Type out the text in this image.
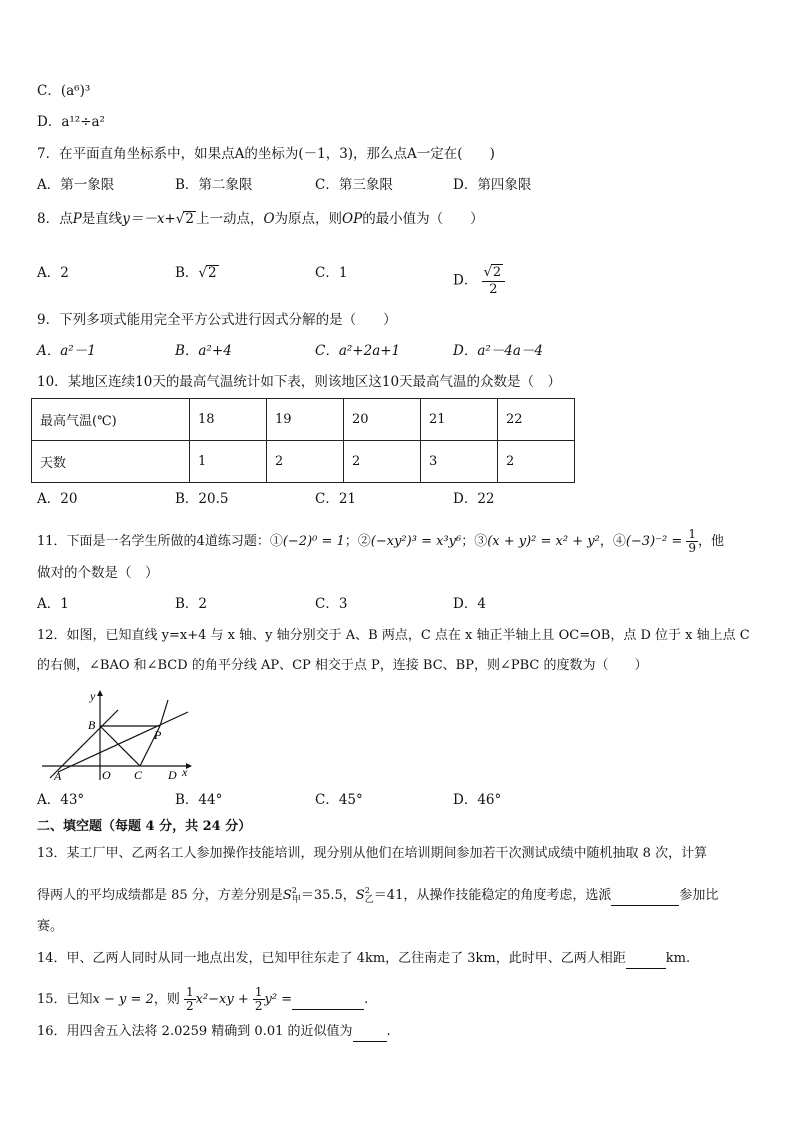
C．(a⁶)³
D．a¹²÷a²
7．在平面直角坐标系中，如果点A的坐标为(－1，3)，那么点A一定在(　　)
A．第一象限	B．第二象限	C．第三象限	D．第四象限
8．点P是直线y＝－x+√2 上一动点，O为原点，则OP的最小值为（　　）
A．2	B．√2	C．1	D． $\frac{√2}{2}$
9．下列多项式能用完全平方公式进行因式分解的是（　　）
A．a²－1	B．a²+4	C．a²+2a+1	D．a²－4a－4
10．某地区连续10天的最高气温统计如下表，则该地区这10天最高气温的众数是（　）
最高气温(℃)	18	19	20	21	22
天数	1	2	2	3	2
A．20	B．20.5	C．21	D．22
11．下面是一名学生所做的4道练习题：①(−2)⁰ = 1；②(−xy²)³ = x³y⁶；③(x + y)² = x² + y²，④(−3)⁻² = $\frac{1}{9}$ ，他
做对的个数是（　）
A．1	B．2	C．3	D．4
12．如图，已知直线 y=x+4 与 x 轴、y 轴分别交于 A、B 两点，C 点在 x 轴正半轴上且 OC=OB，点 D 位于 x 轴上点 C
的右侧，∠BAO 和∠BCD 的角平分线 AP、CP 相交于点 P，连接 BC、BP，则∠PBC 的度数为（　　）
y
x
A
B
O C D
P
A．43°	B．44°	C．45°	D．46°
二、填空题（每题 4 分，共 24 分）
13．某工厂甲、乙两名工人参加操作技能培训，现分别从他们在培训期间参加若干次测试成绩中随机抽取 8 次，计算
得两人的平均成绩都是 85 分，方差分别是$S^2_甲=35.5$，$S^2_乙=41$，从操作技能稳定的角度考虑，选派	参加比
赛。
14．甲、乙两人同时从同一地点出发，已知甲往东走了 4km，乙往南走了 3km，此时甲、乙两人相距	km.
15．已知x − y = 2，则 $\frac{1}{2} x^2-xy + \frac{1}{2} y^2$ =	.
16．用四舍五入法将 2.0259 精确到 0.01 的近似值为	.
